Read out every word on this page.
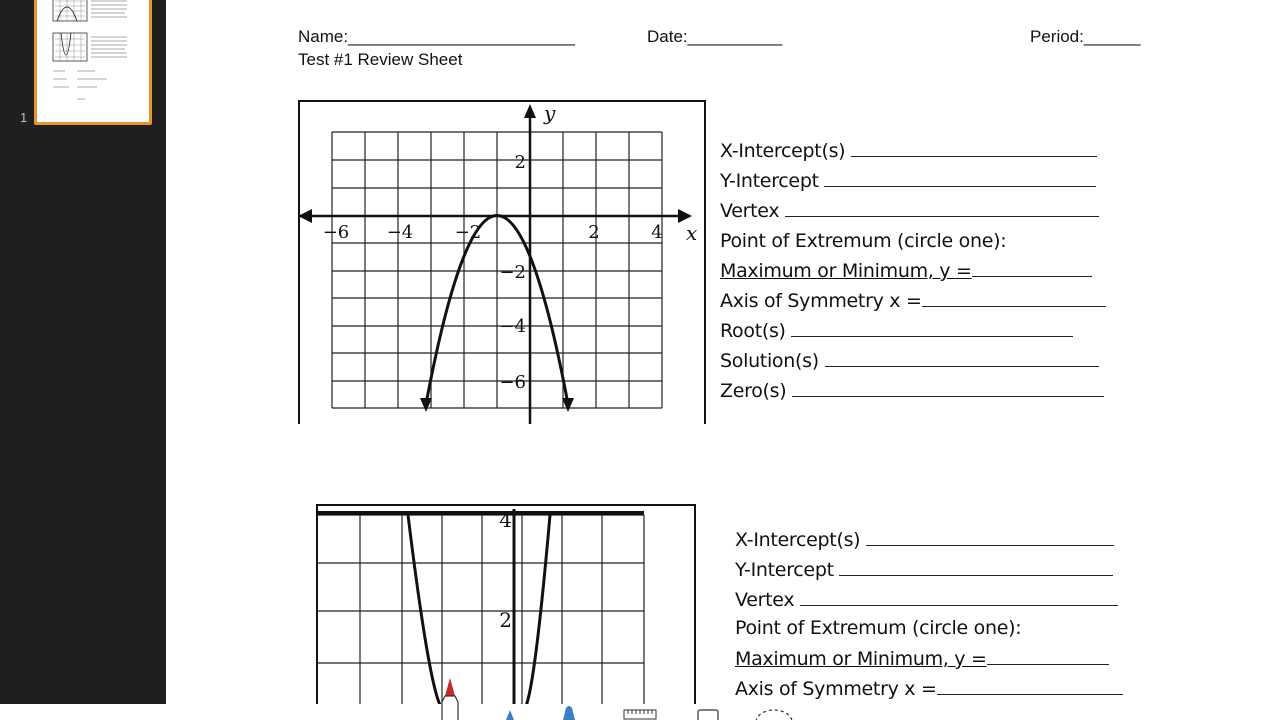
1
Name:________________________	Date:__________	Period:______
Test #1 Review Sheet
−6 −4 −2	2	4 x
y
2
−2
−4
−6
X-Intercept(s)
Y-Intercept
Vertex
Point of Extremum (circle one):
Maximum or Minimum, y =
Axis of Symmetry x =
Root(s)
Solution(s)
Zero(s)
4
2
X-Intercept(s)
Y-Intercept
Vertex
Point of Extremum (circle one):
Maximum or Minimum, y =
Axis of Symmetry x =
